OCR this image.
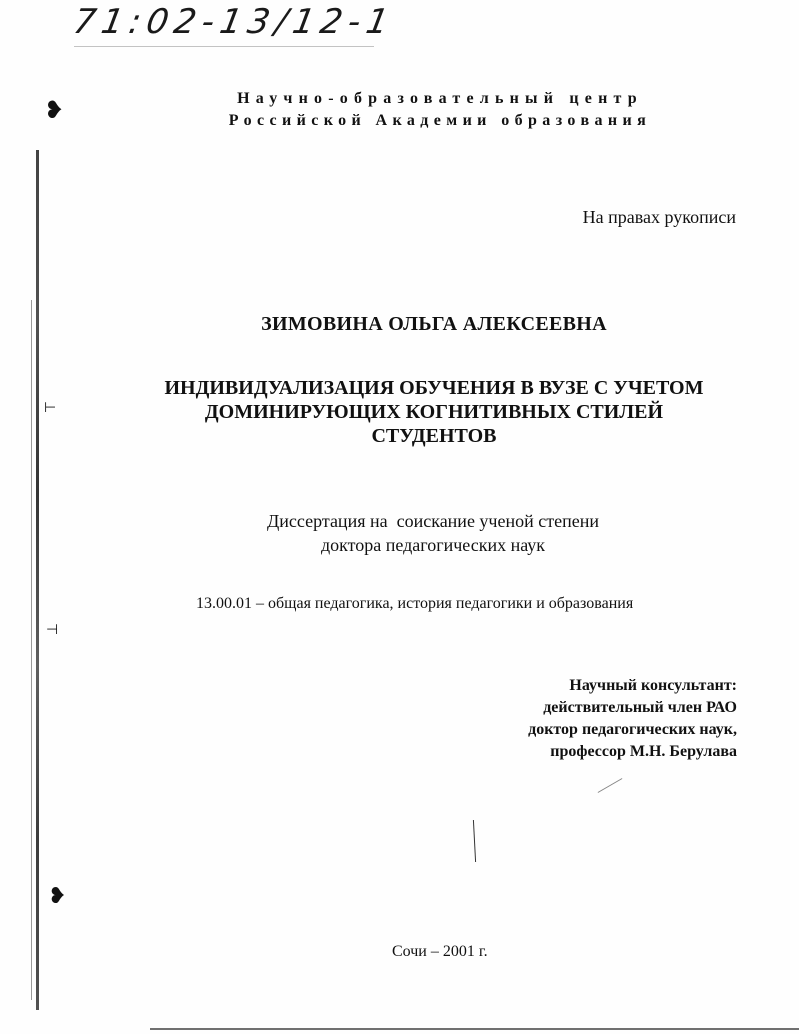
❥
⊢
⊣
❥
71:02-13/12-1
Научно-образовательный центр
Российской Академии образования
На правах рукописи
ЗИМОВИНА ОЛЬГА АЛЕКСЕЕВНА
ИНДИВИДУАЛИЗАЦИЯ ОБУЧЕНИЯ В ВУЗЕ С УЧЕТОМ
ДОМИНИРУЮЩИХ КОГНИТИВНЫХ СТИЛЕЙ
СТУДЕНТОВ
Диссертация на  соискание ученой степени
доктора педагогических наук
13.00.01 – общая педагогика, история педагогики и образования
Научный консультант:
действительный член РАО
доктор педагогических наук,
профессор М.Н. Берулава
Сочи – 2001 г.
